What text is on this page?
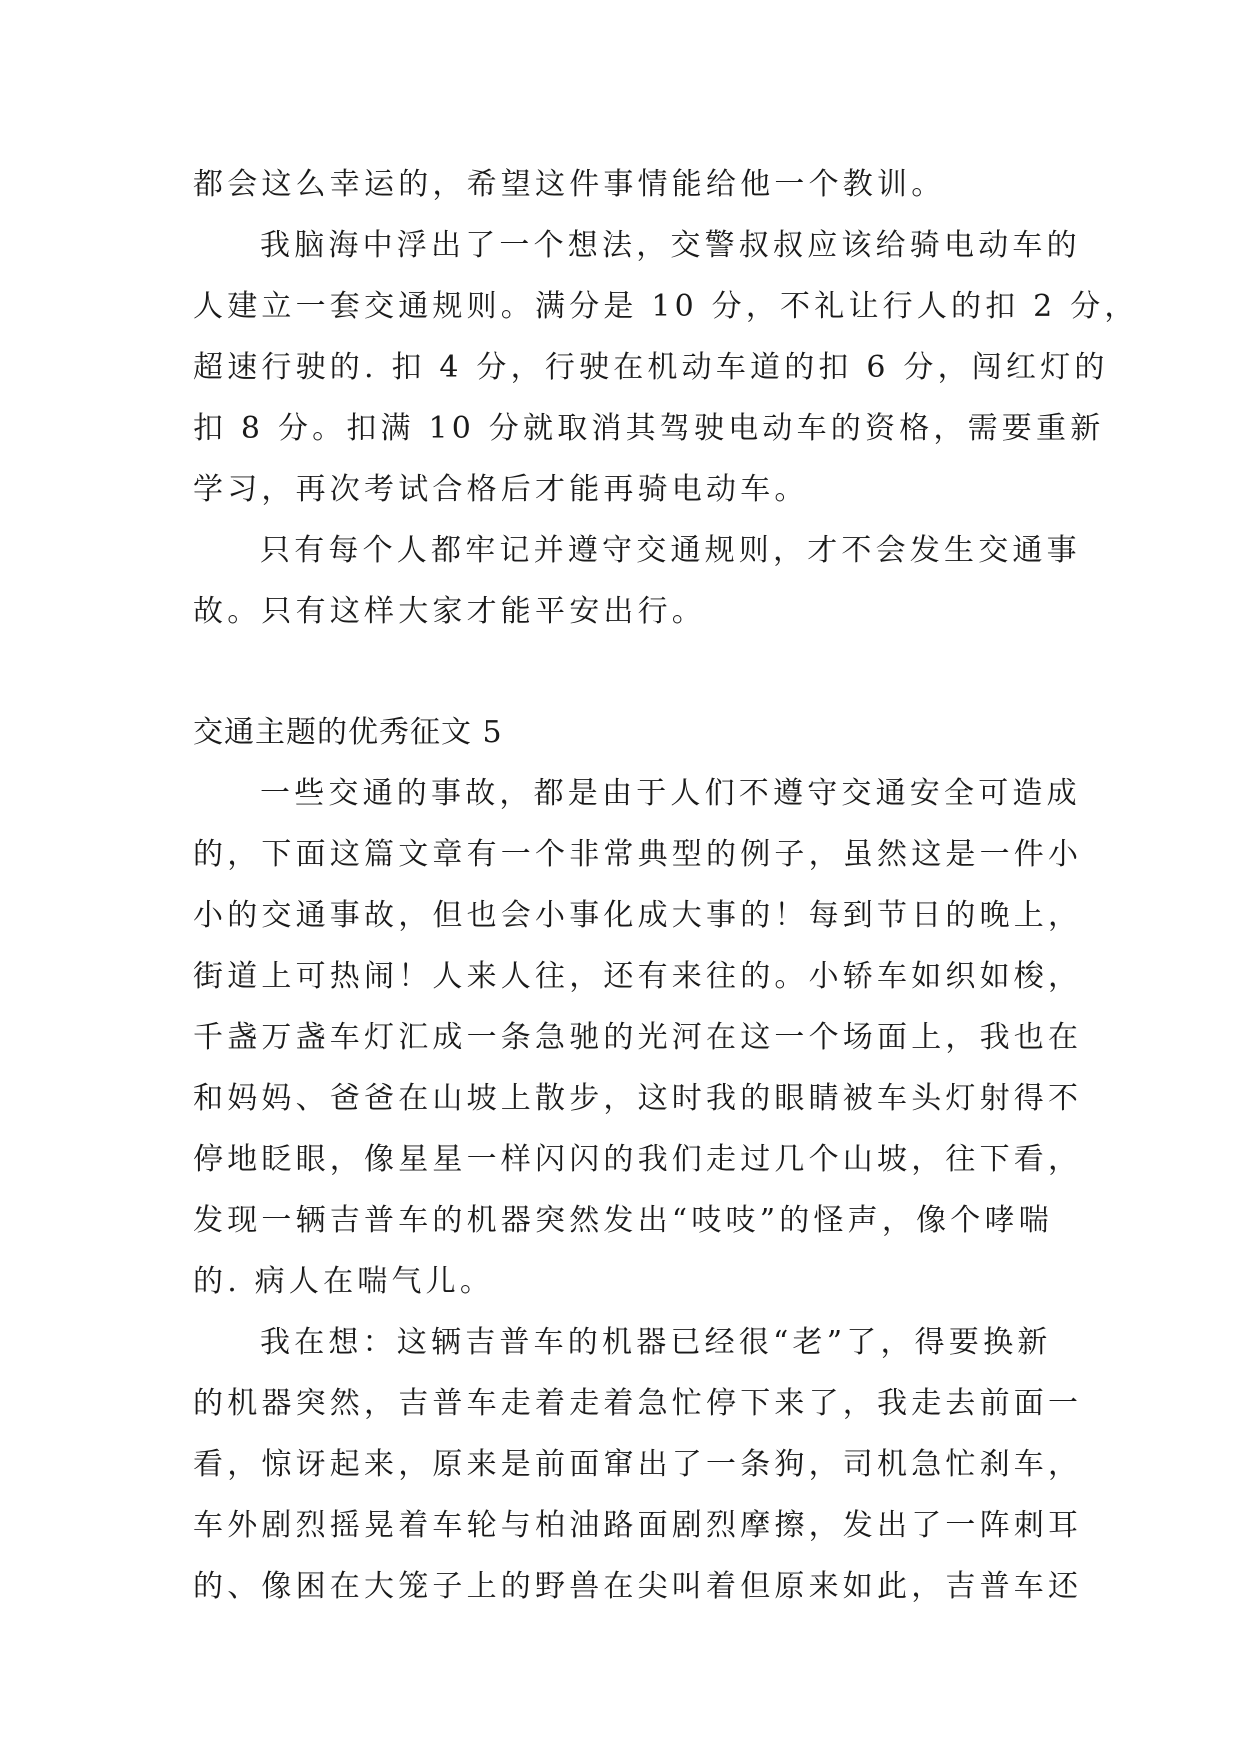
都会这么幸运的，希望这件事情能给他一个教训。
我脑海中浮出了一个想法，交警叔叔应该给骑电动车的
人建立一套交通规则。满分是 10 分，不礼让行人的扣 2 分，
超速行驶的. 扣 4 分，行驶在机动车道的扣 6 分，闯红灯的
扣 8 分。扣满 10 分就取消其驾驶电动车的资格，需要重新
学习，再次考试合格后才能再骑电动车。
只有每个人都牢记并遵守交通规则，才不会发生交通事
故。只有这样大家才能平安出行。
交通主题的优秀征文 5
一些交通的事故，都是由于人们不遵守交通安全可造成
的，下面这篇文章有一个非常典型的例子，虽然这是一件小
小的交通事故，但也会小事化成大事的！每到节日的晚上，
街道上可热闹！人来人往，还有来往的。小轿车如织如梭，
千盏万盏车灯汇成一条急驰的光河在这一个场面上，我也在
和妈妈、爸爸在山坡上散步，这时我的眼睛被车头灯射得不
停地眨眼，像星星一样闪闪的我们走过几个山坡，往下看，
发现一辆吉普车的机器突然发出“吱吱”的怪声，像个哮喘
的. 病人在喘气儿。
我在想：这辆吉普车的机器已经很“老”了，得要换新
的机器突然，吉普车走着走着急忙停下来了，我走去前面一
看，惊讶起来，原来是前面窜出了一条狗，司机急忙刹车，
车外剧烈摇晃着车轮与柏油路面剧烈摩擦，发出了一阵刺耳
的、像困在大笼子上的野兽在尖叫着但原来如此，吉普车还
